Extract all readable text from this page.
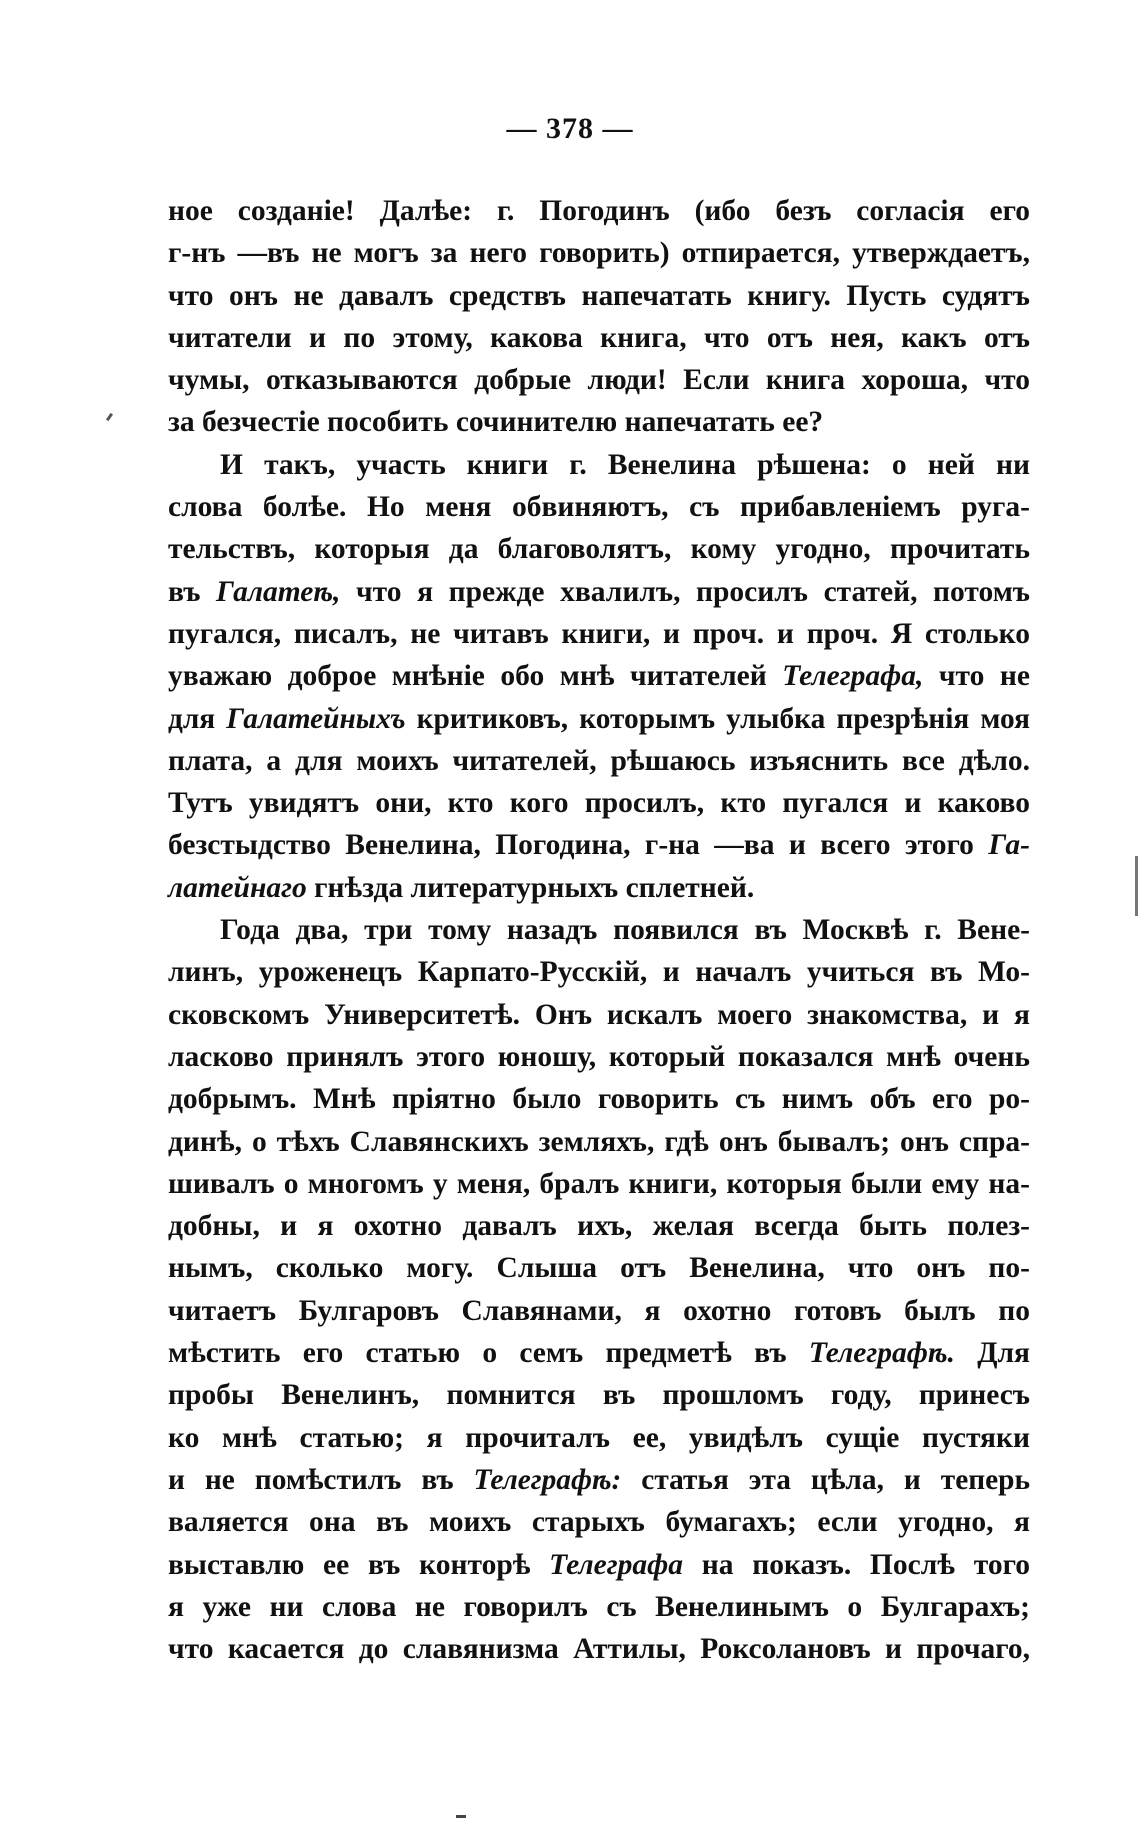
— 378 —
ное созданіе! Далѣе: г. Погодинъ (ибо безъ согласія его
г-нъ —въ не могъ за него говорить) отпирается, утверждаетъ,
что онъ не давалъ средствъ напечатать книгу. Пусть судятъ
читатели и по этому, какова книга, что отъ нея, какъ отъ
чумы, отказываются добрые люди! Если книга хороша, что
за безчестіе пособить сочинителю напечатать ее?
И такъ, участь книги г. Венелина рѣшена: о ней ни
слова болѣе. Но меня обвиняютъ, съ прибавленіемъ руга-
тельствъ, которыя да благоволятъ, кому угодно, прочитать
въ Галатеѣ, что я прежде хвалилъ, просилъ статей, потомъ
пугался, писалъ, не читавъ книги, и проч. и проч. Я столько
уважаю доброе мнѣніе обо мнѣ читателей Телеграфа, что не
для Галатейныхъ критиковъ, которымъ улыбка презрѣнія моя
плата, а для моихъ читателей, рѣшаюсь изъяснить все дѣло.
Тутъ увидятъ они, кто кого просилъ, кто пугался и каково
безстыдство Венелина, Погодина, г-на —ва и всего этого Га-
латейнаго гнѣзда литературныхъ сплетней.
Года два, три тому назадъ появился въ Москвѣ г. Вене-
линъ, уроженецъ Карпато-Русскій, и началъ учиться въ Мо-
сковскомъ Университетѣ. Онъ искалъ моего знакомства, и я
ласково принялъ этого юношу, который показался мнѣ очень
добрымъ. Мнѣ пріятно было говорить съ нимъ объ его ро-
динѣ, о тѣхъ Славянскихъ земляхъ, гдѣ онъ бывалъ; онъ спра-
шивалъ о многомъ у меня, бралъ книги, которыя были ему на-
добны, и я охотно давалъ ихъ, желая всегда быть полез-
нымъ, сколько могу. Слыша отъ Венелина, что онъ по-
читаетъ Булгаровъ Славянами, я охотно готовъ былъ по
мѣстить его статью о семъ предметѣ въ Телеграфѣ. Для
пробы Венелинъ, помнится въ прошломъ году, принесъ
ко мнѣ статью; я прочиталъ ее, увидѣлъ сущіе пустяки
и не помѣстилъ въ Телеграфѣ: статья эта цѣла, и теперь
валяется она въ моихъ старыхъ бумагахъ; если угодно, я
выставлю ее въ конторѣ Телеграфа на показъ. Послѣ того
я уже ни слова не говорилъ съ Венелинымъ о Булгарахъ;
что касается до славянизма Аттилы, Роксолановъ и прочаго,
